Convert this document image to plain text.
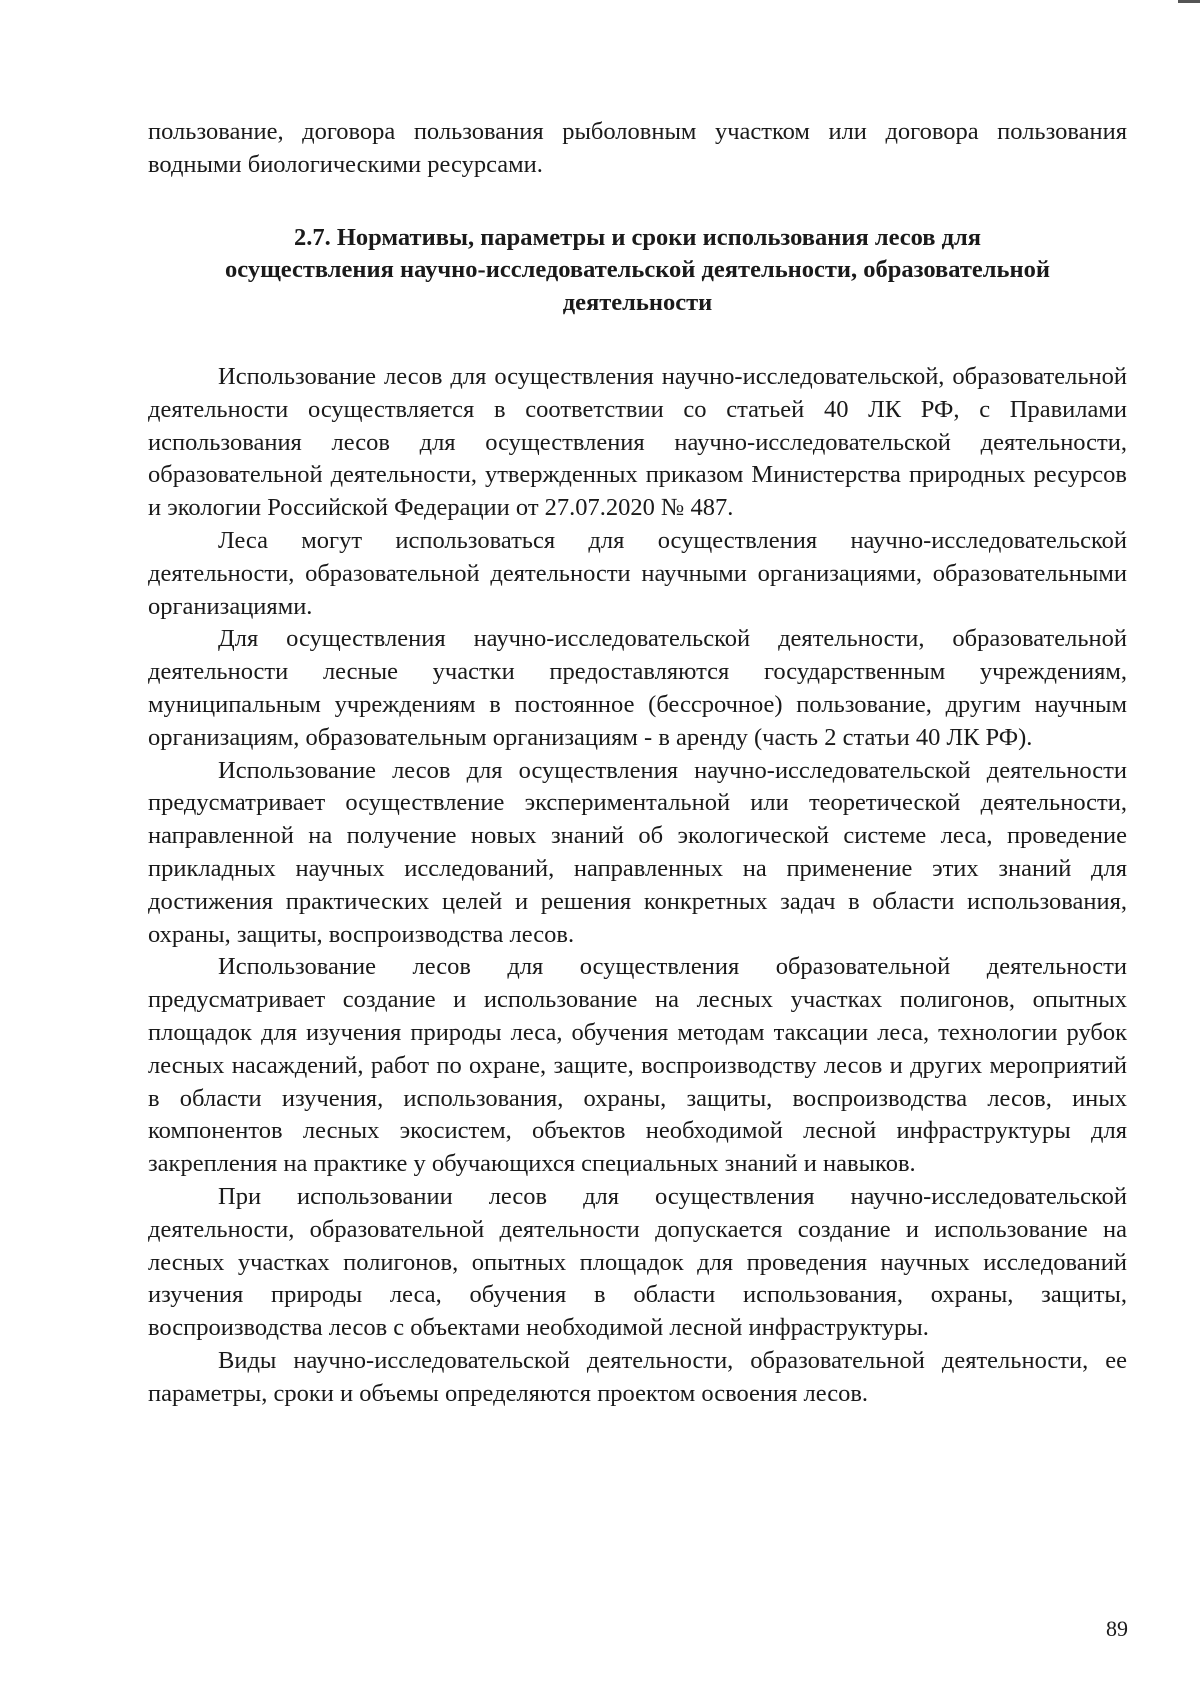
пользование, договора пользования рыболовным участком или договора пользования водными биологическими ресурсами.

2.7. Нормативы, параметры и сроки использования лесов для
осуществления научно-исследовательской деятельности, образовательной
деятельности

Использование лесов для осуществления научно-исследовательской, образовательной деятельности осуществляется в соответствии со статьей 40 ЛК РФ, с Правилами использования лесов для осуществления научно-исследовательской деятельности, образовательной деятельности, утвержденных приказом Министерства природных ресурсов и экологии Российской Федерации от 27.07.2020 № 487.

Леса могут использоваться для осуществления научно-исследовательской деятельности, образовательной деятельности научными организациями, образовательными организациями.

Для осуществления научно-исследовательской деятельности, образовательной деятельности лесные участки предоставляются государственным учреждениям, муниципальным учреждениям в постоянное (бессрочное) пользование, другим научным организациям, образовательным организациям - в аренду (часть 2 статьи 40 ЛК РФ).

Использование лесов для осуществления научно-исследовательской деятельности предусматривает осуществление экспериментальной или теоретической деятельности, направленной на получение новых знаний об экологической системе леса, проведение прикладных научных исследований, направленных на применение этих знаний для достижения практических целей и решения конкретных задач в области использования, охраны, защиты, воспроизводства лесов.

Использование лесов для осуществления образовательной деятельности предусматривает создание и использование на лесных участках полигонов, опытных площадок для изучения природы леса, обучения методам таксации леса, технологии рубок лесных насаждений, работ по охране, защите, воспроизводству лесов и других мероприятий в области изучения, использования, охраны, защиты, воспроизводства лесов, иных компонентов лесных экосистем, объектов необходимой лесной инфраструктуры для закрепления на практике у обучающихся специальных знаний и навыков.

При использовании лесов для осуществления научно-исследовательской деятельности, образовательной деятельности допускается создание и использование на лесных участках полигонов, опытных площадок для проведения научных исследований изучения природы леса, обучения в области использования, охраны, защиты, воспроизводства лесов с объектами необходимой лесной инфраструктуры.

Виды научно-исследовательской деятельности, образовательной деятельности, ее параметры, сроки и объемы определяются проектом освоения лесов.

89
